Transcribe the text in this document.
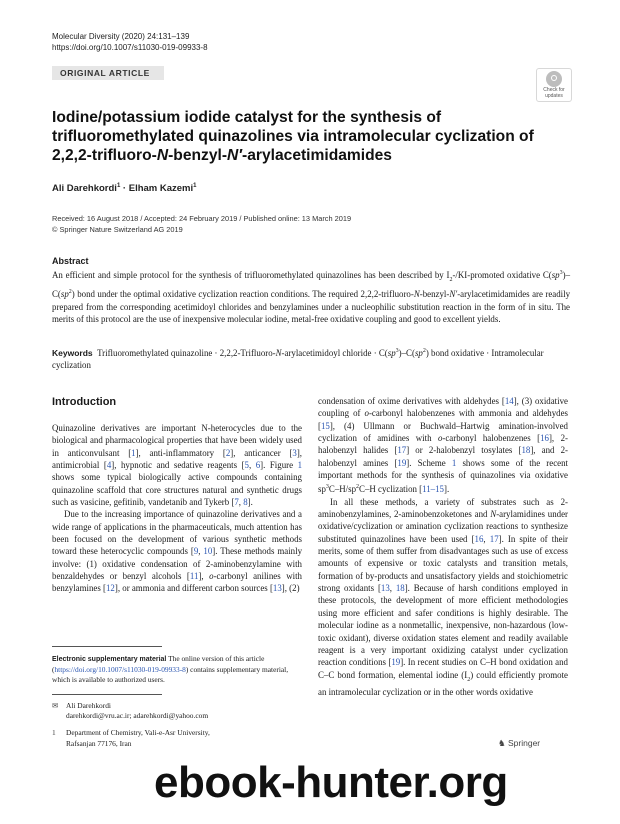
Molecular Diversity (2020) 24:131–139
https://doi.org/10.1007/s11030-019-09933-8
ORIGINAL ARTICLE
Check for updates
Iodine/potassium iodide catalyst for the synthesis of trifluoromethylated quinazolines via intramolecular cyclization of 2,2,2-trifluoro-N-benzyl-N′-arylacetimidamides
Ali Darehkordi$^1$ · Elham Kazemi$^1$
Received: 16 August 2018 / Accepted: 24 February 2019 / Published online: 13 March 2019
© Springer Nature Switzerland AG 2019
Abstract
An efficient and simple protocol for the synthesis of trifluoromethylated quinazolines has been described by $I_2-/KI$-promoted oxidative $C(sp^3)-C(sp^2)$ bond under the optimal oxidative cyclization reaction conditions. The required 2,2,2-trifluoro-N-benzyl-N′-arylacetimidamides are readily prepared from the corresponding acetimidoyl chlorides and benzylamines under a nucleophilic substitution reaction in the form of in situ. The merits of this protocol are the use of inexpensive molecular iodine, metal-free oxidative coupling and good to excellent yields.
Keywords Trifluoromethylated quinazoline · 2,2,2-Trifluoro-N-arylacetimidoyl chloride · $C(sp^3)-C(sp^2)$ bond oxidative · Intramolecular cyclization
Introduction

Quinazoline derivatives are important N-heterocycles due to the biological and pharmacological properties that have been widely used in anticonvulsant [1], anti-inflammatory [2], anticancer [3], antimicrobial [4], hypnotic and sedative reagents [5, 6]. Figure 1 shows some typical biologically active compounds containing quinazoline scaffold that core structures natural and synthetic drugs such as vasicine, gefitinib, vandetanib and Tykerb [7, 8].

Due to the increasing importance of quinazoline derivatives and a wide range of applications in the pharmaceuticals, much attention has been focused on the development of various synthetic methods toward these heterocyclic compounds [9, 10]. These methods mainly involve: (1) oxidative condensation of 2-aminobenzylamine with benzaldehydes or benzyl alcohols [11], o-carbonyl anilines with benzylamines [12], or ammonia and different carbon sources [13], (2)

condensation of oxime derivatives with aldehydes [14], (3) oxidative coupling of o-carbonyl halobenzenes with ammonia and aldehydes [15], (4) Ullmann or Buchwald–Hartwig amination-involved cyclization of amidines with o-carbonyl halobenzenes [16], 2-halobenzyl halides [17] or 2-halobenzyl tosylates [18], and 2-halobenzyl amines [19]. Scheme 1 shows some of the recent important methods for the synthesis of quinazolines via oxidative $sp^3C-H/sp^2C-H$ cyclization [11–15].

In all these methods, a variety of substrates such as 2-aminobenzylamines, 2-aminobenzoketones and N-arylamidines under oxidative/cyclization or amination cyclization reactions to synthesize substituted quinazolines have been used [16, 17]. In spite of their merits, some of them suffer from disadvantages such as use of excess amounts of expensive or toxic catalysts and transition metals, formation of by-products and unsatisfactory yields and stoichiometric strong oxidants [13, 18]. Because of harsh conditions employed in these protocols, the development of more efficient methodologies using more efficient and safer conditions is highly desirable. The molecular iodine as a nonmetallic, inexpensive, non-hazardous (low-toxic oxidant), diverse oxidation states element and readily available reagent is a very important oxidizing catalyst under cyclization reaction conditions [19]. In recent studies on C–H bond oxidation and C–C bond formation, elemental iodine $(I_2)$ could efficiently promote an intramolecular cyclization or in the other words oxidative

Electronic supplementary material The online version of this article (https://doi.org/10.1007/s11030-019-09933-8) contains supplementary material, which is available to authorized users.
✉ Ali Darehkordi
darehkordi@vru.ac.ir; adarehkordi@yahoo.com
1 Department of Chemistry, Vali-e-Asr University,
Rafsanjan 77176, Iran	♞ Springer
ebook-hunter.org
